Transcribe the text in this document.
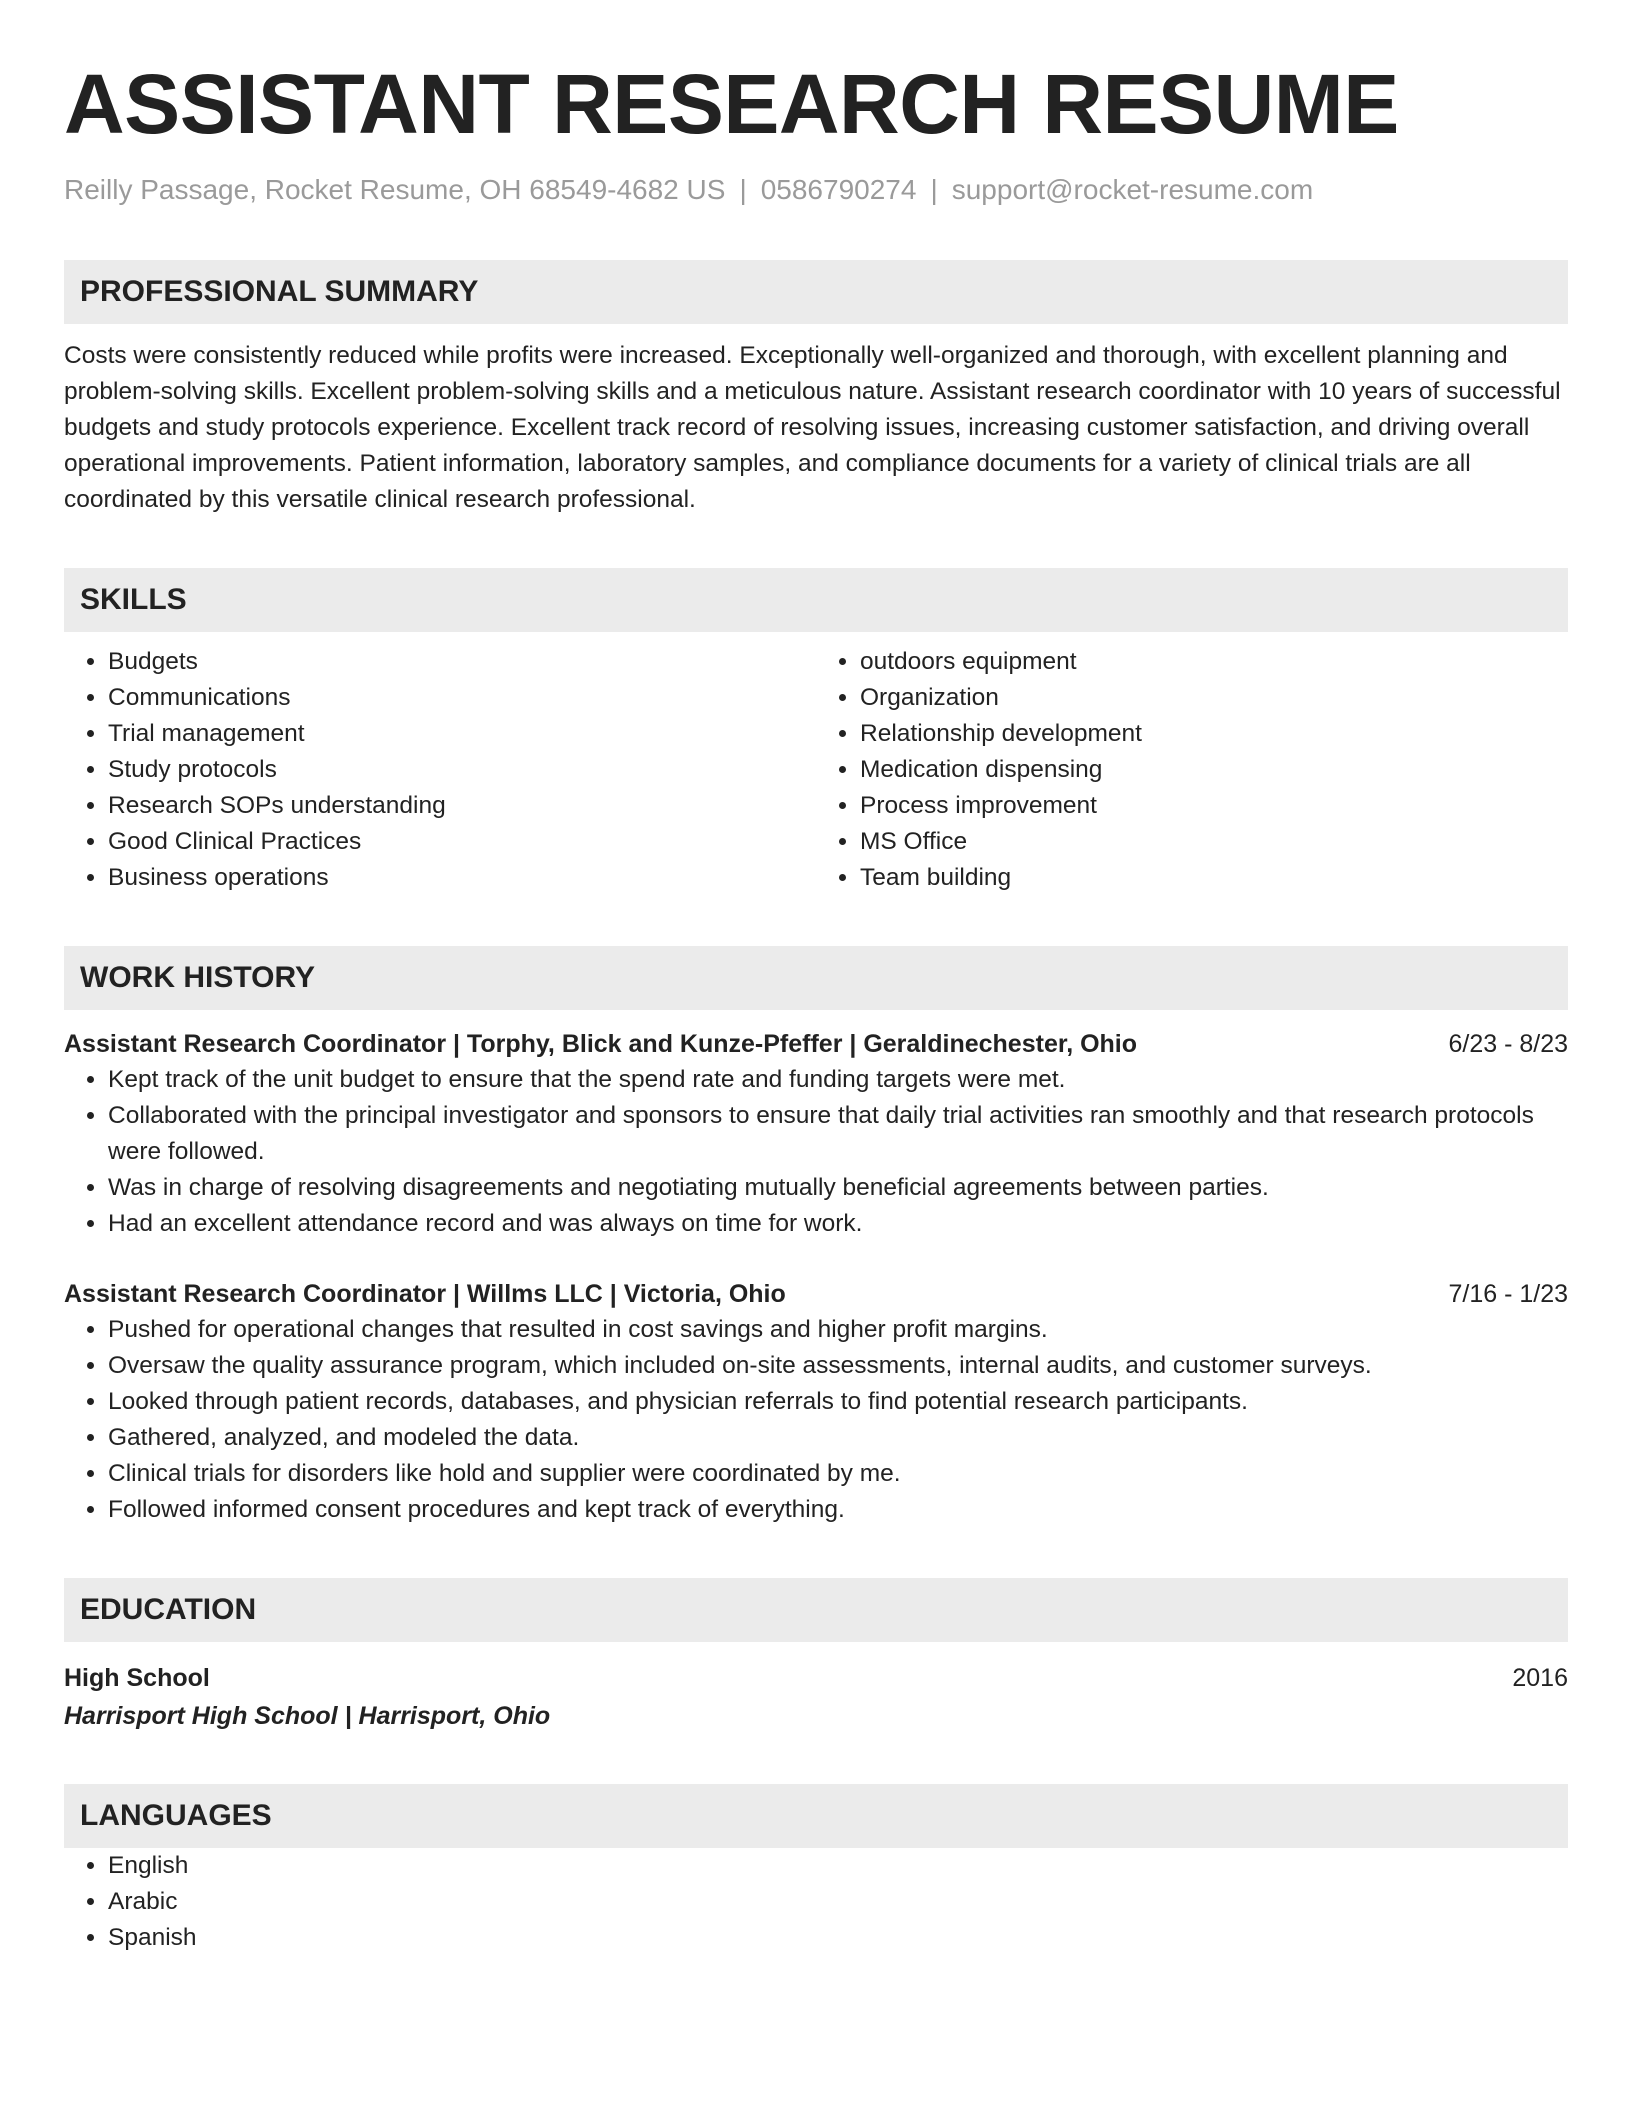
ASSISTANT RESEARCH RESUME
Reilly Passage, Rocket Resume, OH 68549-4682 US | 0586790274 | support@rocket-resume.com
PROFESSIONAL SUMMARY

Costs were consistently reduced while profits were increased. Exceptionally well-organized and thorough, with excellent planning and problem-solving skills. Excellent problem-solving skills and a meticulous nature. Assistant research coordinator with 10 years of successful budgets and study protocols experience. Excellent track record of resolving issues, increasing customer satisfaction, and driving overall operational improvements. Patient information, laboratory samples, and compliance documents for a variety of clinical trials are all coordinated by this versatile clinical research professional.

SKILLS
• Budgets
• Communications
• Trial management
• Study protocols
• Research SOPs understanding
• Good Clinical Practices
• Business operations
• outdoors equipment
• Organization
• Relationship development
• Medication dispensing
• Process improvement
• MS Office
• Team building
WORK HISTORY
Assistant Research Coordinator | Torphy, Blick and Kunze-Pfeffer | Geraldinechester, Ohio	6/23 - 8/23
• Kept track of the unit budget to ensure that the spend rate and funding targets were met.
• Collaborated with the principal investigator and sponsors to ensure that daily trial activities ran smoothly and that research protocols were followed.
• Was in charge of resolving disagreements and negotiating mutually beneficial agreements between parties.
• Had an excellent attendance record and was always on time for work.
Assistant Research Coordinator | Willms LLC | Victoria, Ohio	7/16 - 1/23
• Pushed for operational changes that resulted in cost savings and higher profit margins.
• Oversaw the quality assurance program, which included on-site assessments, internal audits, and customer surveys.
• Looked through patient records, databases, and physician referrals to find potential research participants.
• Gathered, analyzed, and modeled the data.
• Clinical trials for disorders like hold and supplier were coordinated by me.
• Followed informed consent procedures and kept track of everything.
EDUCATION
High School	2016
Harrisport High School | Harrisport, Ohio
LANGUAGES
• English
• Arabic
• Spanish
